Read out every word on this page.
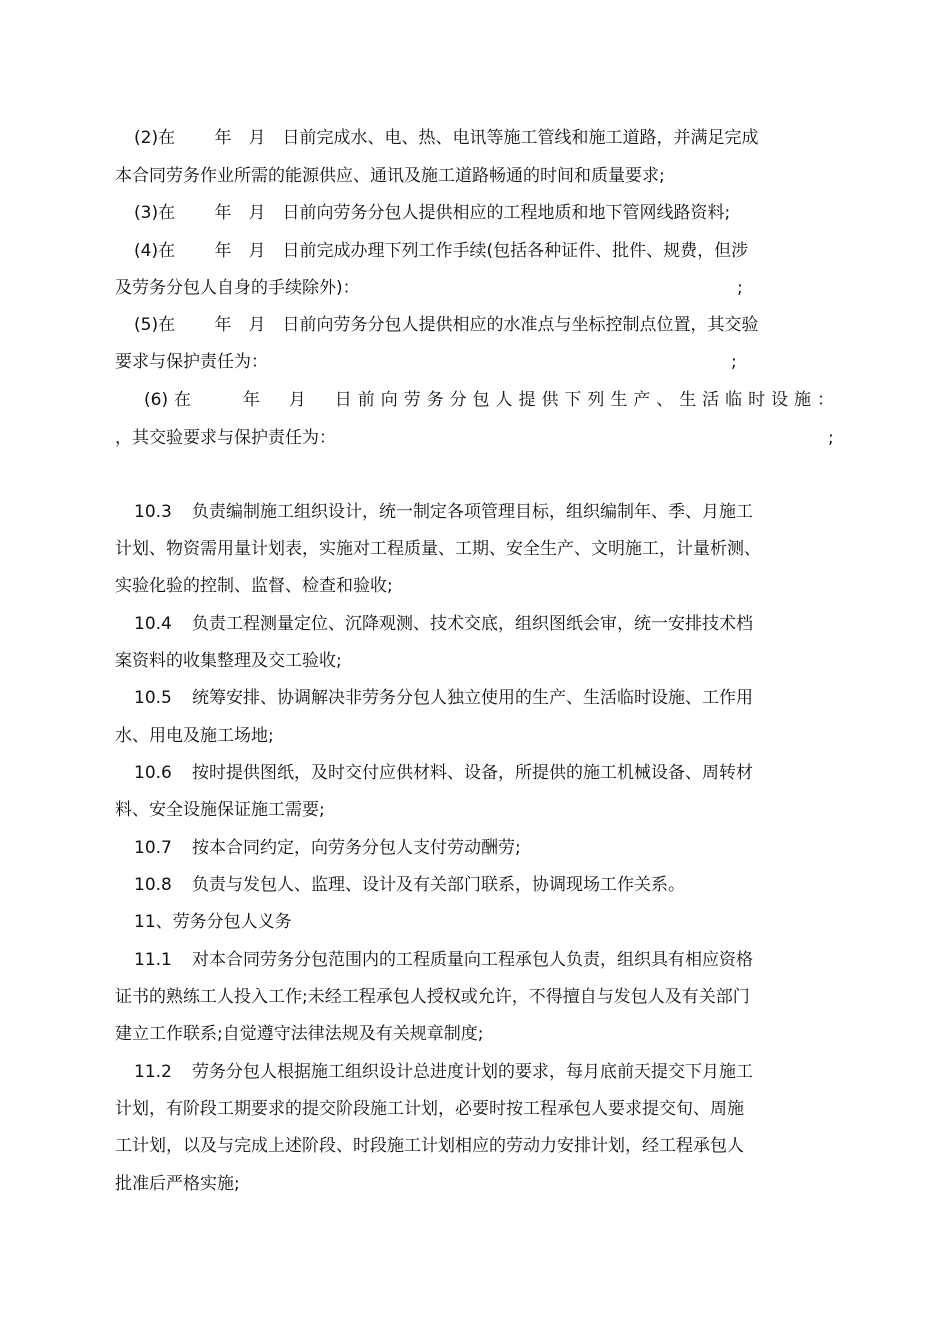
(2)在　　 年　月　日前完成水、电、热、电讯等施工管线和施工道路，并满足完成
本合同劳务作业所需的能源供应、通讯及施工道路畅通的时间和质量要求;
(3)在　　 年　月　日前向劳务分包人提供相应的工程地质和地下管网线路资料;
(4)在　　 年　月　日前完成办理下列工作手续(包括各种证件、批件、规费，但涉
及劳务分包人自身的手续除外)：	;
(5)在　　 年　月　日前向劳务分包人提供相应的水准点与坐标控制点位置，其交验
要求与保护责任为：	;
(6)在　　年　月　日前向劳务分包人提供下列生产、生活临时设施：
，其交验要求与保护责任为：	;
10.3 负责编制施工组织设计，统一制定各项管理目标，组织编制年、季、月施工
计划、物资需用量计划表，实施对工程质量、工期、安全生产、文明施工，计量析测、
实验化验的控制、监督、检查和验收;
10.4 负责工程测量定位、沉降观测、技术交底，组织图纸会审，统一安排技术档
案资料的收集整理及交工验收;
10.5 统筹安排、协调解决非劳务分包人独立使用的生产、生活临时设施、工作用
水、用电及施工场地;
10.6 按时提供图纸，及时交付应供材料、设备，所提供的施工机械设备、周转材
料、安全设施保证施工需要;
10.7 按本合同约定，向劳务分包人支付劳动酬劳;
10.8 负责与发包人、监理、设计及有关部门联系，协调现场工作关系。
11、劳务分包人义务
11.1 对本合同劳务分包范围内的工程质量向工程承包人负责，组织具有相应资格
证书的熟练工人投入工作;未经工程承包人授权或允许，不得擅自与发包人及有关部门
建立工作联系;自觉遵守法律法规及有关规章制度;
11.2 劳务分包人根据施工组织设计总进度计划的要求，每月底前天提交下月施工
计划，有阶段工期要求的提交阶段施工计划，必要时按工程承包人要求提交旬、周施
工计划，以及与完成上述阶段、时段施工计划相应的劳动力安排计划，经工程承包人
批准后严格实施;
